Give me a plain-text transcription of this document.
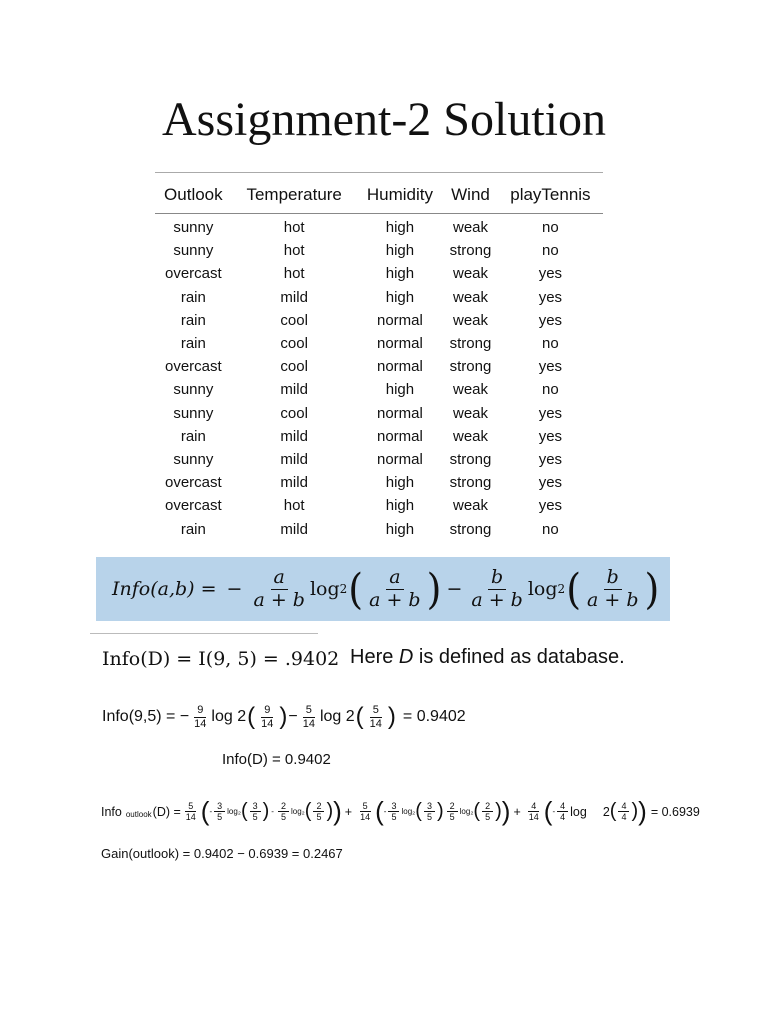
Assignment-2 Solution
Outlook	Temperature	Humidity	Wind	playTennis
sunny	hot	high	weak	no
sunny	hot	high	strong	no
overcast	hot	high	weak	yes
rain	mild	high	weak	yes
rain	cool	normal	weak	yes
rain	cool	normal	strong	no
overcast	cool	normal	strong	yes
sunny	mild	high	weak	no
sunny	cool	normal	weak	yes
rain	mild	normal	weak	yes
sunny	mild	normal	strong	yes
overcast	mild	high	strong	yes
overcast	hot	high	weak	yes
rain	mild	high	strong	no
Info(a,b) = − $\frac{a}{a + b}$ log 2 ( $\frac{a}{a + b}$ ) − $\frac{b}{a + b}$ log 2 ( $\frac{b}{a + b}$ )
Info(D) = I(9, 5) = .9402 Here D is defined as database.
Info(9,5) = − $\frac{9}{14}$ log 2 ( $\frac{9}{14}$ ) − $\frac{5}{14}$ log 2 ( $\frac{5}{14}$ ) = 0.9402
Info(D) = 0.9402
Info outlook $(D) = \frac{5}{14}$ ( - $\frac{3}{5} \log_2$ ( $\frac{3}{5}$ ) - $\frac{2}{5} \log_2$ ( $\frac{2}{5}$ ) ) + $\frac{5}{14}$ ( - $\frac{3}{5} \log_2$ ( $\frac{3}{5}$ ) $\frac{2}{5} \log_2$ ( $\frac{2}{5}$ ) ) + $\frac{4}{14}$ ( - $\frac{4}{4}$ log 2 ( $\frac{4}{4}$ ) ) = 0.6939
Gain(outlook) = 0.9402 − 0.6939 = 0.2467
